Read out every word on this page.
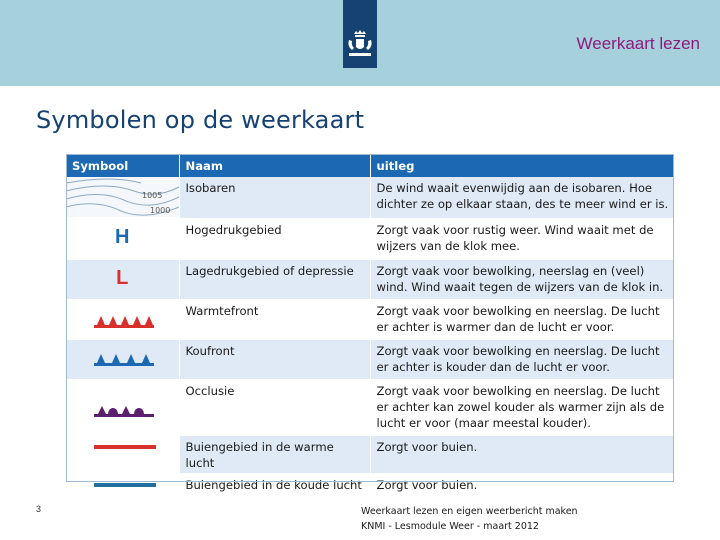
Weerkaart lezen
Symbolen op de weerkaart
Symbool	Naam	uitleg

1005
1000	Isobaren	De wind waait evenwijdig aan de isobaren. Hoe dichter ze op elkaar staan, des te meer wind er is.

H	Hogedrukgebied	Zorgt vaak voor rustig weer. Wind waait met de wijzers van de klok mee.

L	Lagedrukgebied of depressie	Zorgt vaak voor bewolking, neerslag en (veel) wind. Wind waait tegen de wijzers van de klok in.

	Warmtefront	Zorgt vaak voor bewolking en neerslag. De lucht er achter is warmer dan de lucht er voor.

	Koufront	Zorgt vaak voor bewolking en neerslag. De lucht er achter is kouder dan de lucht er voor.

	Occlusie	Zorgt vaak voor bewolking en neerslag. De lucht er achter kan zowel kouder als warmer zijn als de lucht er voor (maar meestal kouder).

	Buiengebied in de warme lucht	Zorgt voor buien.

	Buiengebied in de koude lucht	Zorgt voor buien.
3	Weerkaart lezen en eigen weerbericht maken
KNMI - Lesmodule Weer - maart 2012
